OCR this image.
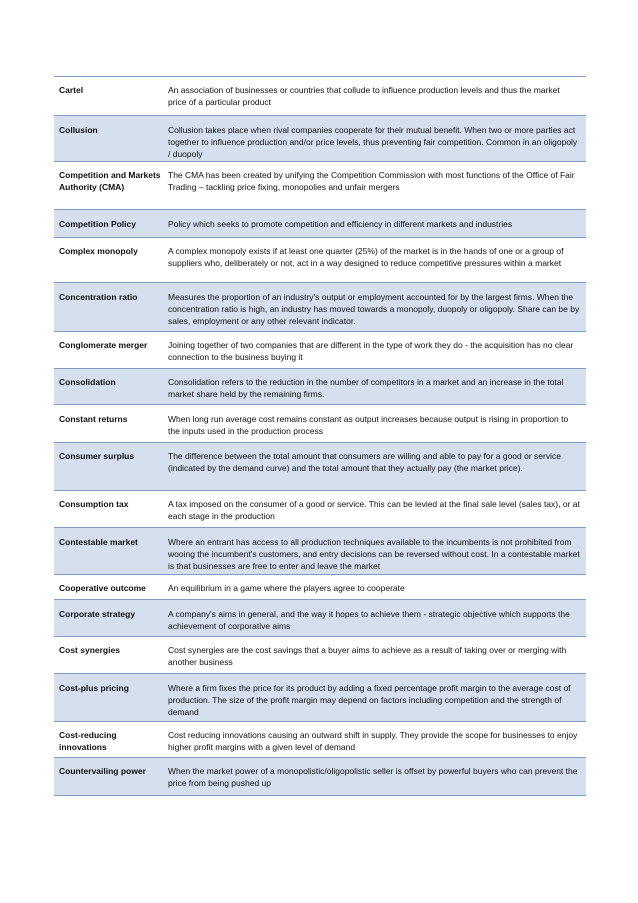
Cartel	An association of businesses or countries that collude to influence production levels and thus the market price of a particular product
Collusion	Collusion takes place when rival companies cooperate for their mutual benefit. When two or more parties act together to influence production and/or price levels, thus preventing fair competition. Common in an oligopoly / duopoly
Competition and Markets Authority (CMA)	The CMA has been created by unifying the Competition Commission with most functions of the Office of Fair Trading – tackling price fixing, monopolies and unfair mergers
Competition Policy	Policy which seeks to promote competition and efficiency in different markets and industries
Complex monopoly	A complex monopoly exists if at least one quarter (25%) of the market is in the hands of one or a group of suppliers who, deliberately or not, act in a way designed to reduce competitive pressures within a market
Concentration ratio	Measures the proportion of an industry's output or employment accounted for by the largest firms. When the concentration ratio is high, an industry has moved towards a monopoly, duopoly or oligopoly. Share can be by sales, employment or any other relevant indicator.
Conglomerate merger	Joining together of two companies that are different in the type of work they do - the acquisition has no clear connection to the business buying it
Consolidation	Consolidation refers to the reduction in the number of competitors in a market and an increase in the total market share held by the remaining firms.
Constant returns	When long run average cost remains constant as output increases because output is rising in proportion to the inputs used in the production process
Consumer surplus	The difference between the total amount that consumers are willing and able to pay for a good or service (indicated by the demand curve) and the total amount that they actually pay (the market price).
Consumption tax	A tax imposed on the consumer of a good or service. This can be levied at the final sale level (sales tax), or at each stage in the production
Contestable market	Where an entrant has access to all production techniques available to the incumbents is not prohibited from wooing the incumbent's customers, and entry decisions can be reversed without cost. In a contestable market is that businesses are free to enter and leave the market
Cooperative outcome	An equilibrium in a game where the players agree to cooperate
Corporate strategy	A company's aims in general, and the way it hopes to achieve them - strategic objective which supports the achievement of corporative aims
Cost synergies	Cost synergies are the cost savings that a buyer aims to achieve as a result of taking over or merging with another business
Cost-plus pricing	Where a firm fixes the price for its product by adding a fixed percentage profit margin to the average cost of production. The size of the profit margin may depend on factors including competition and the strength of demand
Cost-reducing innovations	Cost reducing innovations causing an outward shift in supply. They provide the scope for businesses to enjoy higher profit margins with a given level of demand
Countervailing power	When the market power of a monopolistic/oligopolistic seller is offset by powerful buyers who can prevent the price from being pushed up
